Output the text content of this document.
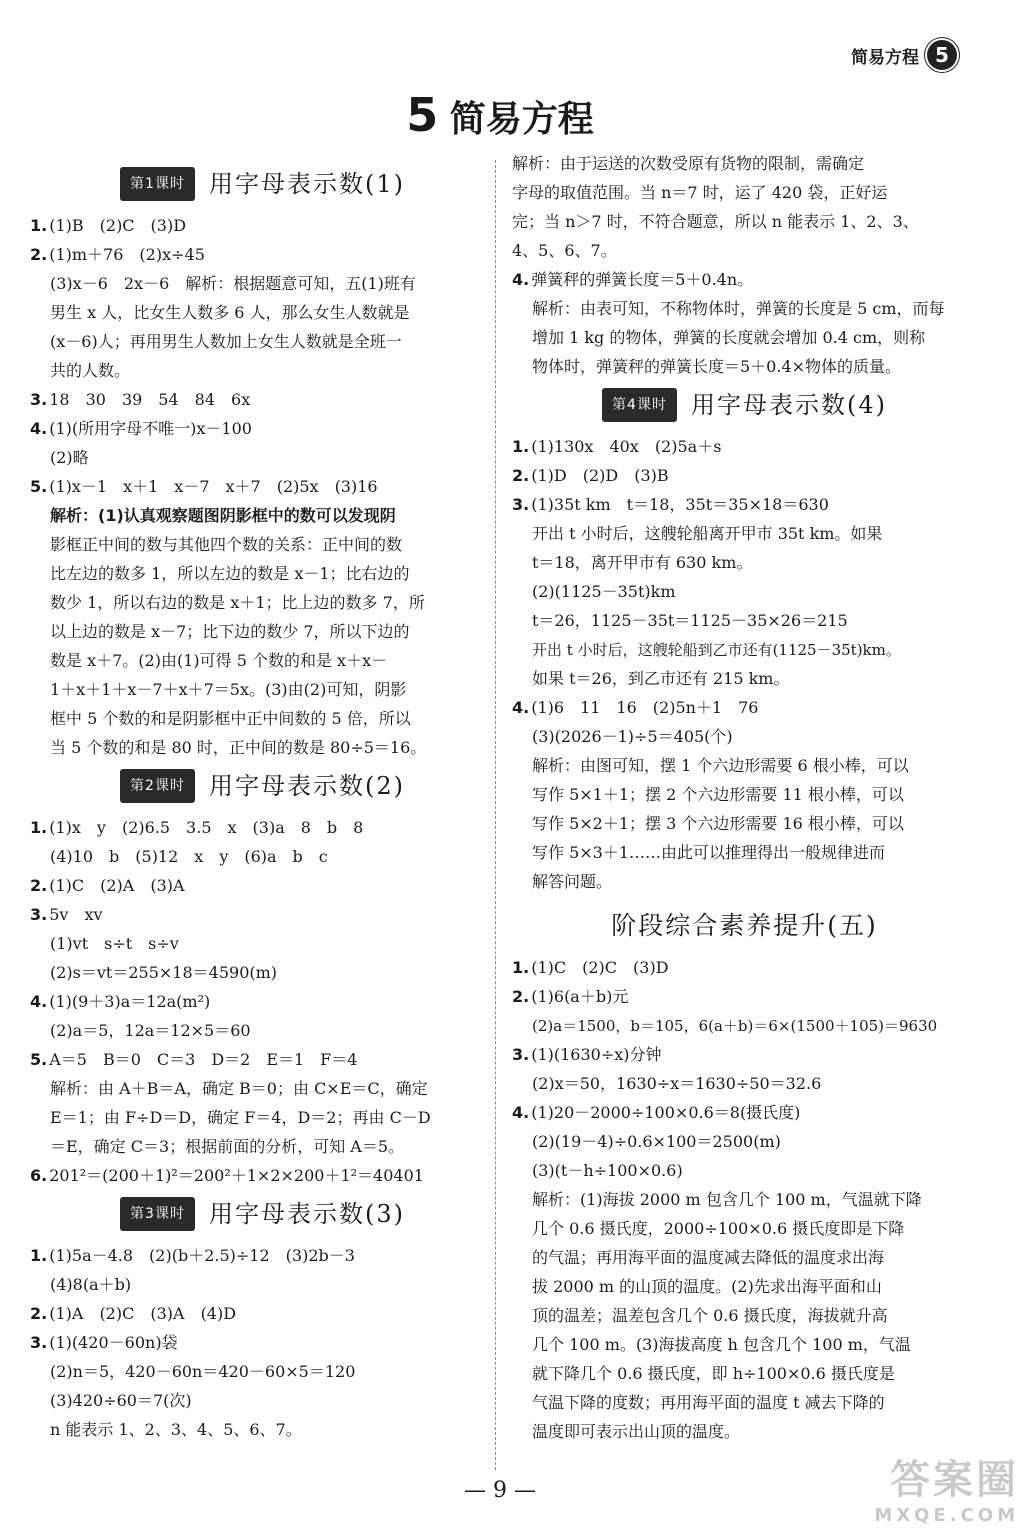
简易方程 5
5 简易方程
第1课时	用字母表示数(1)
1. (1)B　(2)C　(3)D
2. (1)m＋76　(2)x÷45
(3)x－6　2x－6　解析：根据题意可知，五(1)班有
男生 x 人，比女生人数多 6 人，那么女生人数就是
(x－6)人；再用男生人数加上女生人数就是全班一
共的人数。
3. 18　30　39　54　84　6x
4. (1)(所用字母不唯一)x－100
(2)略
5. (1)x－1　x＋1　x－7　x＋7　(2)5x　(3)16
解析：(1)认真观察题图阴影框中的数可以发现阴
影框正中间的数与其他四个数的关系：正中间的数
比左边的数多 1，所以左边的数是 x－1；比右边的
数少 1，所以右边的数是 x＋1；比上边的数多 7，所
以上边的数是 x－7；比下边的数少 7，所以下边的
数是 x＋7。(2)由(1)可得 5 个数的和是 x＋x－
1＋x＋1＋x－7＋x＋7＝5x。(3)由(2)可知，阴影
框中 5 个数的和是阴影框中正中间数的 5 倍，所以
当 5 个数的和是 80 时，正中间的数是 80÷5＝16。
第2课时	用字母表示数(2)
1. (1)x　y　(2)6.5　3.5　x　(3)a　8　b　8
(4)10　b　(5)12　x　y　(6)a　b　c
2. (1)C　(2)A　(3)A
3. 5v　xv
(1)vt　s÷t　s÷v
(2)s＝vt＝255×18＝4590(m)
4. (1)(9＋3)a＝12a(m²)
(2)a＝5，12a＝12×5＝60
5. A＝5　B＝0　C＝3　D＝2　E＝1　F＝4
解析：由 A＋B＝A，确定 B＝0；由 C×E＝C，确定
E＝1；由 F÷D＝D，确定 F＝4，D＝2；再由 C－D
＝E，确定 C＝3；根据前面的分析，可知 A＝5。
6. 201²＝(200＋1)²＝200²＋1×2×200＋1²＝40401
第3课时	用字母表示数(3)
1. (1)5a－4.8　(2)(b＋2.5)÷12　(3)2b－3
(4)8(a＋b)
2. (1)A　(2)C　(3)A　(4)D
3. (1)(420－60n)袋
(2)n＝5，420－60n＝420－60×5＝120
(3)420÷60＝7(次)
n 能表示 1、2、3、4、5、6、7。
解析：由于运送的次数受原有货物的限制，需确定
字母的取值范围。当 n＝7 时，运了 420 袋，正好运
完；当 n＞7 时，不符合题意，所以 n 能表示 1、2、3、
4、5、6、7。
4. 弹簧秤的弹簧长度＝5＋0.4n。
解析：由表可知，不称物体时，弹簧的长度是 5 cm，而每
增加 1 kg 的物体，弹簧的长度就会增加 0.4 cm，则称
物体时，弹簧秤的弹簧长度＝5＋0.4×物体的质量。
第4课时	用字母表示数(4)
1. (1)130x　40x　(2)5a＋s
2. (1)D　(2)D　(3)B
3. (1)35t km　t＝18，35t＝35×18＝630
开出 t 小时后，这艘轮船离开甲市 35t km。如果
t＝18，离开甲市有 630 km。
(2)(1125－35t)km
t＝26，1125－35t＝1125－35×26＝215
开出 t 小时后，这艘轮船到乙市还有(1125－35t)km。
如果 t＝26，到乙市还有 215 km。
4. (1)6　11　16　(2)5n＋1　76
(3)(2026－1)÷5＝405(个)
解析：由图可知，摆 1 个六边形需要 6 根小棒，可以
写作 5×1＋1；摆 2 个六边形需要 11 根小棒，可以
写作 5×2＋1；摆 3 个六边形需要 16 根小棒，可以
写作 5×3＋1……由此可以推理得出一般规律进而
解答问题。
阶段综合素养提升(五)
1. (1)C　(2)C　(3)D
2. (1)6(a＋b)元
(2)a＝1500，b＝105，6(a＋b)＝6×(1500＋105)＝9630
3. (1)(1630÷x)分钟
(2)x＝50，1630÷x＝1630÷50＝32.6
4. (1)20－2000÷100×0.6＝8(摄氏度)
(2)(19－4)÷0.6×100＝2500(m)
(3)(t－h÷100×0.6)
解析：(1)海拔 2000 m 包含几个 100 m，气温就下降
几个 0.6 摄氏度，2000÷100×0.6 摄氏度即是下降
的气温；再用海平面的温度减去降低的温度求出海
拔 2000 m 的山顶的温度。(2)先求出海平面和山
顶的温差；温差包含几个 0.6 摄氏度，海拔就升高
几个 100 m。(3)海拔高度 h 包含几个 100 m，气温
就下降几个 0.6 摄氏度，即 h÷100×0.6 摄氏度是
气温下降的度数；再用海平面的温度 t 减去下降的
温度即可表示出山顶的温度。
— 9 —	答案圈
MXQE.COM
